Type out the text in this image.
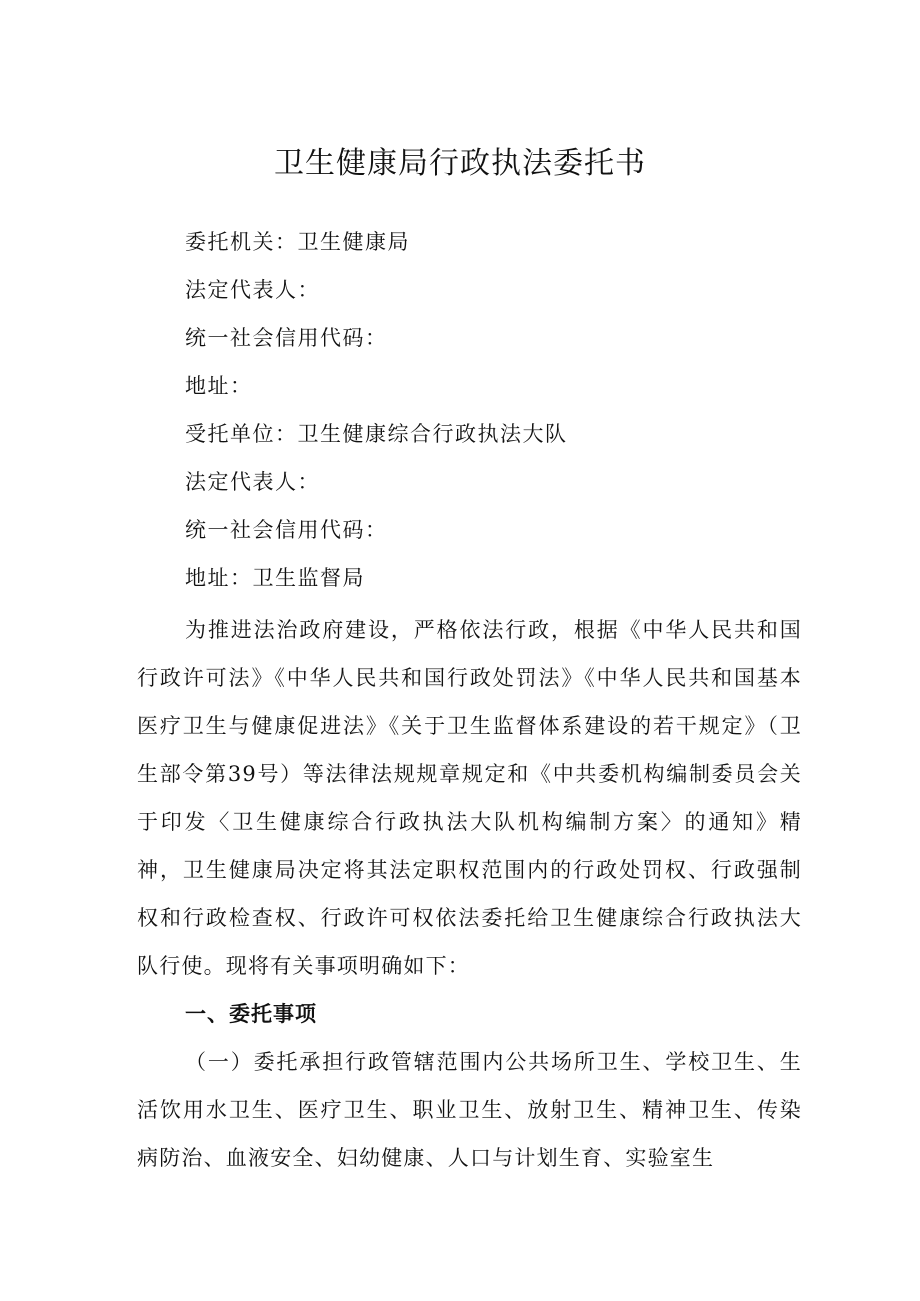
卫生健康局行政执法委托书
委托机关：卫生健康局
法定代表人：
统一社会信用代码：
地址：
受托单位：卫生健康综合行政执法大队
法定代表人：
统一社会信用代码：
地址：卫生监督局

为推进法治政府建设，严格依法行政，根据《中华人民共和国行政许可法》《中华人民共和国行政处罚法》《中华人民共和国基本医疗卫生与健康促进法》《关于卫生监督体系建设的若干规定》（卫生部令第39号）等法律法规规章规定和《中共委机构编制委员会关于印发〈卫生健康综合行政执法大队机构编制方案〉的通知》精神，卫生健康局决定将其法定职权范围内的行政处罚权、行政强制权和行政检查权、行政许可权依法委托给卫生健康综合行政执法大队行使。现将有关事项明确如下：

一、委托事项

（一）委托承担行政管辖范围内公共场所卫生、学校卫生、生活饮用水卫生、医疗卫生、职业卫生、放射卫生、精神卫生、传染病防治、血液安全、妇幼健康、人口与计划生育、实验室生
